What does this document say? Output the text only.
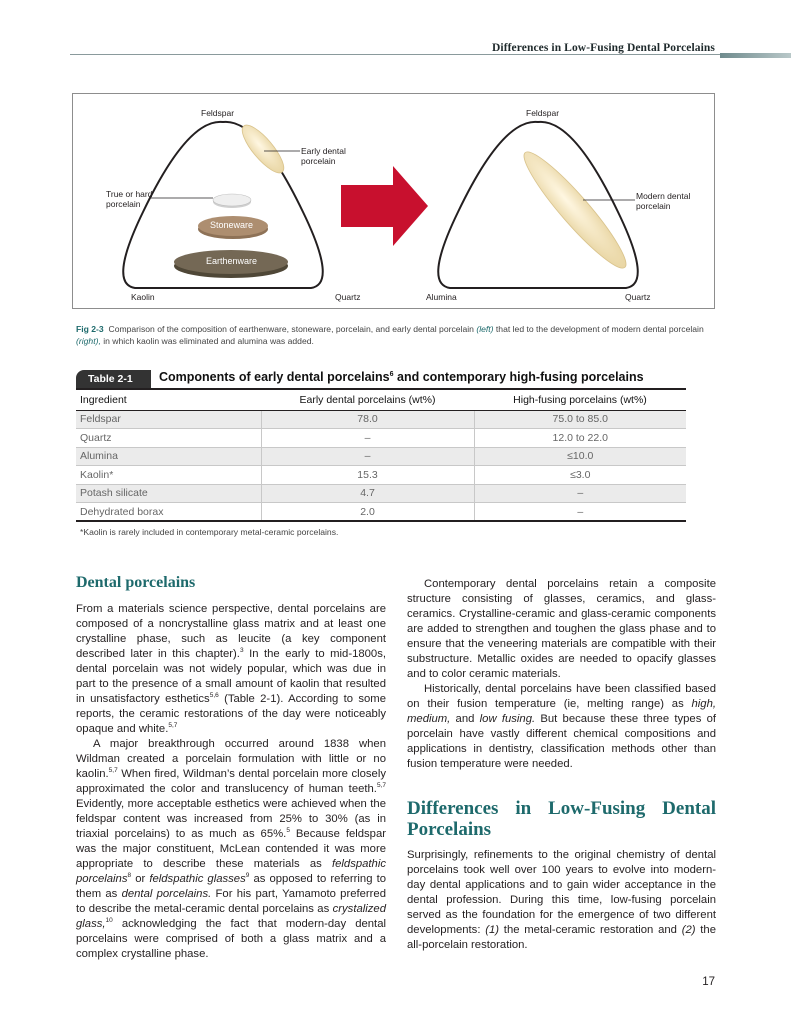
Differences in Low-Fusing Dental Porcelains
Feldspar	Feldspar
Early dental
porcelain
True or hard
porcelain
Stoneware
Earthenware
Modern dental
porcelain
Kaolin	Quartz	Alumina	Quartz
Fig 2-3 Comparison of the composition of earthenware, stoneware, porcelain, and early dental porcelain (left) that led to the development of modern dental porcelain (right), in which kaolin was eliminated and alumina was added.
Table 2-1	Components of early dental porcelains$^6$ and contemporary high-fusing porcelains
Ingredient	Early dental porcelains (wt%)	High-fusing porcelains (wt%)
Feldspar	78.0	75.0 to 85.0
Quartz	–	12.0 to 22.0
Alumina	–	≤10.0
Kaolin*	15.3	≤3.0
Potash silicate	4.7	–
Dehydrated borax	2.0	–
*Kaolin is rarely included in contemporary metal-ceramic porcelains.
Dental porcelains

From a materials science perspective, dental porcelains are composed of a noncrystalline glass matrix and at least one crystalline phase, such as leucite (a key component described later in this chapter).$^3$ In the early to mid-1800s, dental porcelain was not widely popular, which was due in part to the presence of a small amount of kaolin that resulted in unsatisfactory esthetics$^{5,6}$ (Table 2-1). According to some reports, the ceramic restorations of the day were noticeably opaque and white.$^{5,7}$

A major breakthrough occurred around 1838 when Wildman created a porcelain formulation with little or no kaolin.$^{5,7}$ When fired, Wildman’s dental porcelain more closely approximated the color and translucency of human teeth.$^{5,7}$ Evidently, more acceptable esthetics were achieved when the feldspar content was increased from 25% to 30% (as in triaxial porcelains) to as much as 65%.$^5$ Because feldspar was the major constituent, McLean contended it was more appropriate to describe these materials as feldspathic porcelains$^8$ or feldspathic glasses$^9$ as opposed to referring to them as dental porcelains. For his part, Yamamoto preferred to describe the metal-ceramic dental porcelains as crystalized glass,$^{10}$ acknowledging the fact that modern-day dental porcelains were comprised of both a glass matrix and a complex crystalline phase.

Contemporary dental porcelains retain a composite structure consisting of glasses, ceramics, and glass-ceramics. Crystalline-ceramic and glass-ceramic components are added to strengthen and toughen the glass phase and to ensure that the veneering materials are compatible with their substructure. Metallic oxides are needed to opacify glasses and to color ceramic materials.

Historically, dental porcelains have been classified based on their fusion temperature (ie, melting range) as high, medium, and low fusing. But because these three types of porcelain have vastly different chemical compositions and applications in dentistry, classification methods other than fusion temperature were needed.

Differences in Low-Fusing Dental Porcelains

Surprisingly, refinements to the original chemistry of dental porcelains took well over 100 years to evolve into modern-day dental applications and to gain wider acceptance in the dental profession. During this time, low-fusing porcelain served as the foundation for the emergence of two different developments: (1) the metal-ceramic restoration and (2) the all-porcelain restoration.

17
